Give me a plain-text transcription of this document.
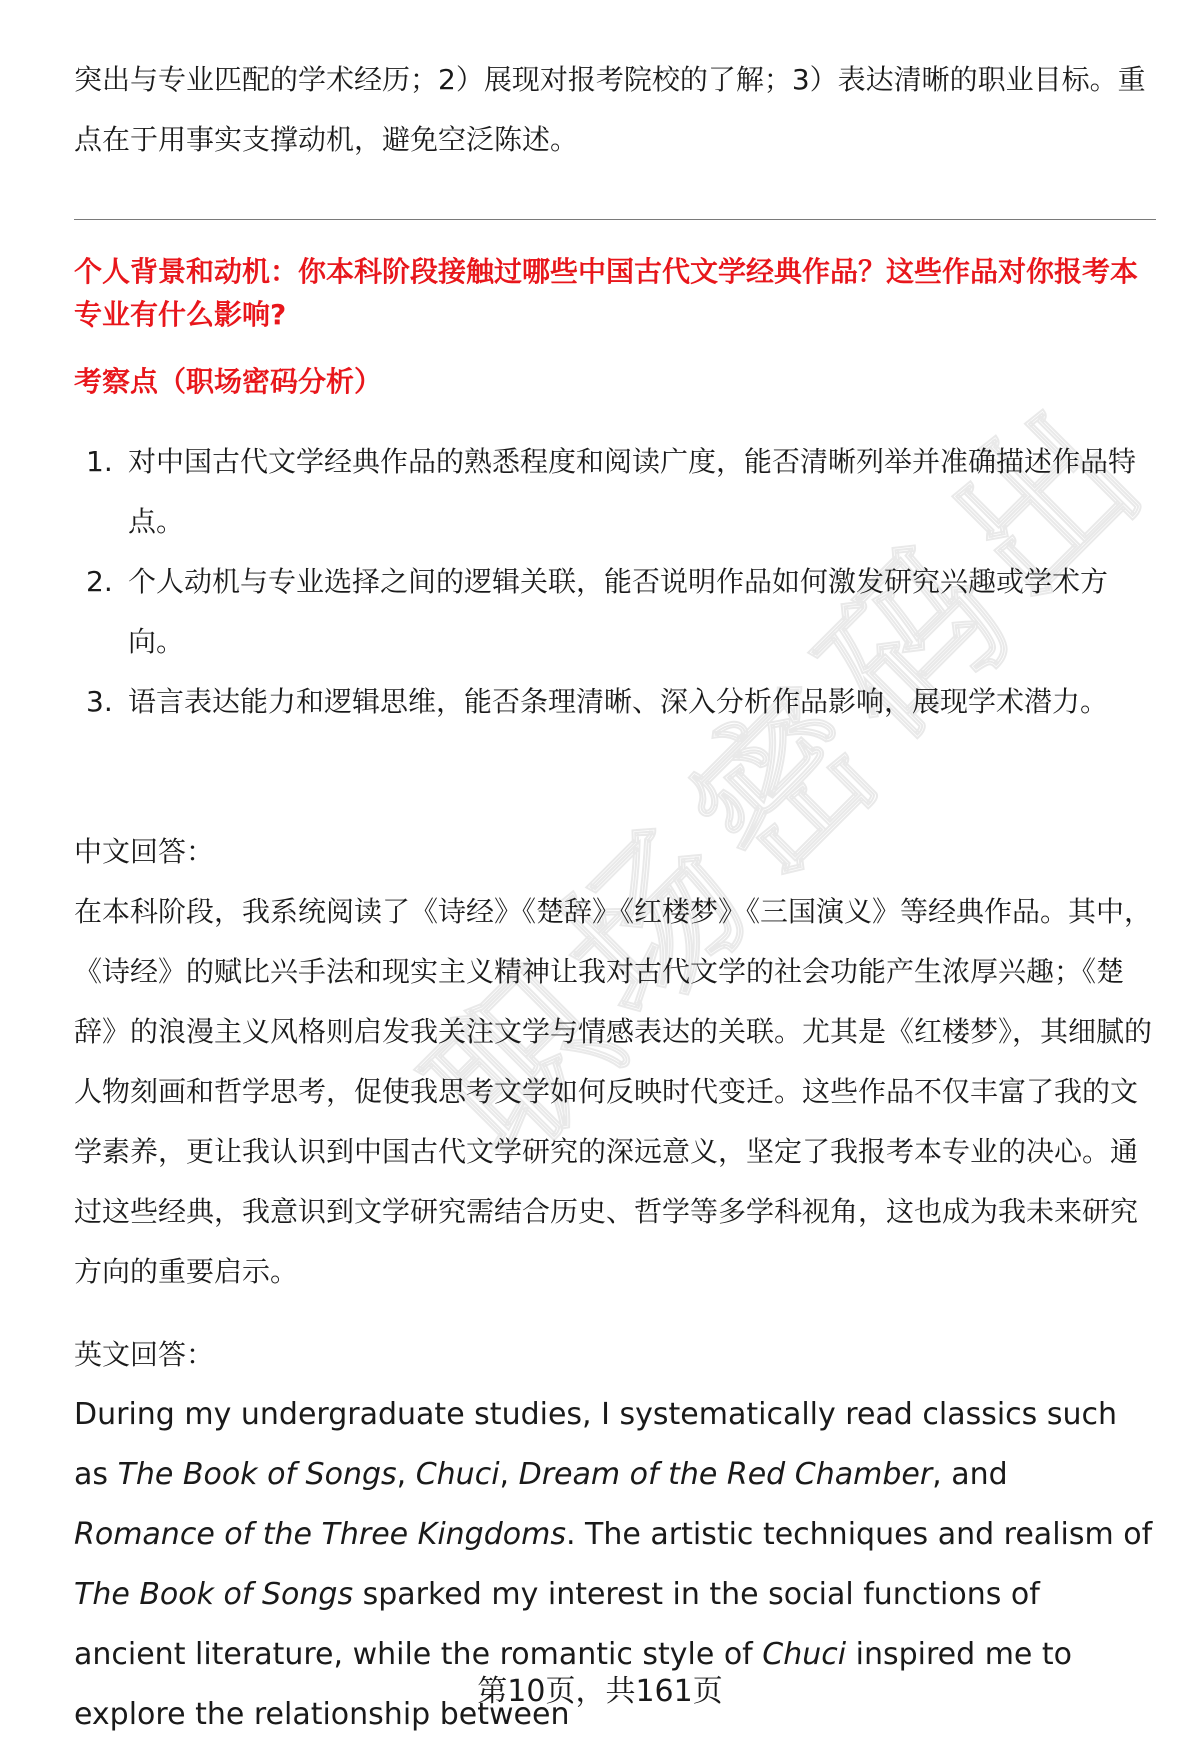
职
场
密
码
出

突出与专业匹配的学术经历；2）展现对报考院校的了解；3）表达清晰的职业目标。重点在于用事实支撑动机，避免空泛陈述。

个人背景和动机：你本科阶段接触过哪些中国古代文学经典作品？这些作品对你报考本专业有什么影响?
考察点（职场密码分析）
1. 对中国古代文学经典作品的熟悉程度和阅读广度，能否清晰列举并准确描述作品特点。
2. 个人动机与专业选择之间的逻辑关联，能否说明作品如何激发研究兴趣或学术方向。
3. 语言表达能力和逻辑思维，能否条理清晰、深入分析作品影响，展现学术潜力。

中文回答：

在本科阶段，我系统阅读了《诗经》《楚辞》《红楼梦》《三国演义》等经典作品。其中，《诗经》的赋比兴手法和现实主义精神让我对古代文学的社会功能产生浓厚兴趣；《楚辞》的浪漫主义风格则启发我关注文学与情感表达的关联。尤其是《红楼梦》，其细腻的人物刻画和哲学思考，促使我思考文学如何反映时代变迁。这些作品不仅丰富了我的文学素养，更让我认识到中国古代文学研究的深远意义，坚定了我报考本专业的决心。通过这些经典，我意识到文学研究需结合历史、哲学等多学科视角，这也成为我未来研究方向的重要启示。

英文回答：

During my undergraduate studies, I systematically read classics such as The Book of Songs, Chuci, Dream of the Red Chamber, and Romance of the Three Kingdoms. The artistic techniques and realism of The Book of Songs sparked my interest in the social functions of ancient literature, while the romantic style of Chuci inspired me to explore the relationship between

第10页，共161页
